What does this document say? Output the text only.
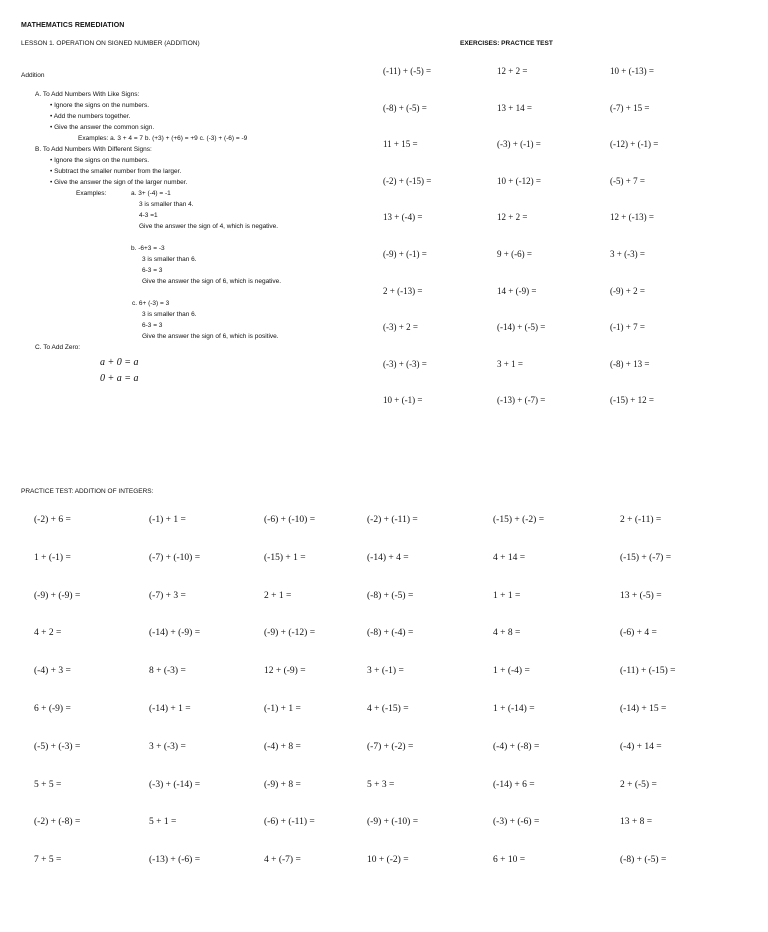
MATHEMATICS REMEDIATION
LESSON 1. OPERATION ON SIGNED NUMBER (ADDITION)	EXERCISES: PRACTICE TEST
Addition
A. To Add Numbers With Like Signs:
• Ignore the signs on the numbers.
• Add the numbers together.
• Give the answer the common sign.
Examples: a. 3 + 4 = 7 b. (+3) + (+6) = +9 c. (-3) + (-6) = -9
B. To Add Numbers With Different Signs:
• Ignore the signs on the numbers.
• Subtract the smaller number from the larger.
• Give the answer the sign of the larger number.
Examples:	a. 3+ (-4) = -1
3 is smaller than 4.
4-3 =1
Give the answer the sign of 4, which is negative.
b. -6+3 = -3
3 is smaller than 6.
6-3 = 3
Give the answer the sign of 6, which is negative.
c. 6+ (-3) = 3
3 is smaller than 6.
6-3 = 3
Give the answer the sign of 6, which is positive.
C. To Add Zero:
a + 0 = a
0 + a = a
(-11) + (-5) =	12 + 2 =	10 + (-13) =
(-8) + (-5) =	13 + 14 =	(-7) + 15 =
11 + 15 =	(-3) + (-1) =	(-12) + (-1) =
(-2) + (-15) =	10 + (-12) =	(-5) + 7 =
13 + (-4) =	12 + 2 =	12 + (-13) =
(-9) + (-1) =	9 + (-6) =	3 + (-3) =
2 + (-13) =	14 + (-9) =	(-9) + 2 =
(-3) + 2 =	(-14) + (-5) =	(-1) + 7 =
(-3) + (-3) =	3 + 1 =	(-8) + 13 =
10 + (-1) =	(-13) + (-7) =	(-15) + 12 =
PRACTICE TEST: ADDITION OF INTEGERS:
(-2) + 6 =	(-1) + 1 =	(-6) + (-10) =	(-2) + (-11) =	(-15) + (-2) =	2 + (-11) =
1 + (-1) =	(-7) + (-10) =	(-15) + 1 =	(-14) + 4 =	4 + 14 =	(-15) + (-7) =
(-9) + (-9) =	(-7) + 3 =	2 + 1 =	(-8) + (-5) =	1 + 1 =	13 + (-5) =
4 + 2 =	(-14) + (-9) =	(-9) + (-12) =	(-8) + (-4) =	4 + 8 =	(-6) + 4 =
(-4) + 3 =	8 + (-3) =	12 + (-9) =	3 + (-1) =	1 + (-4) =	(-11) + (-15) =
6 + (-9) =	(-14) + 1 =	(-1) + 1 =	4 + (-15) =	1 + (-14) =	(-14) + 15 =
(-5) + (-3) =	3 + (-3) =	(-4) + 8 =	(-7) + (-2) =	(-4) + (-8) =	(-4) + 14 =
5 + 5 =	(-3) + (-14) =	(-9) + 8 =	5 + 3 =	(-14) + 6 =	2 + (-5) =
(-2) + (-8) =	5 + 1 =	(-6) + (-11) =	(-9) + (-10) =	(-3) + (-6) =	13 + 8 =
7 + 5 =	(-13) + (-6) =	4 + (-7) =	10 + (-2) =	6 + 10 =	(-8) + (-5) =
